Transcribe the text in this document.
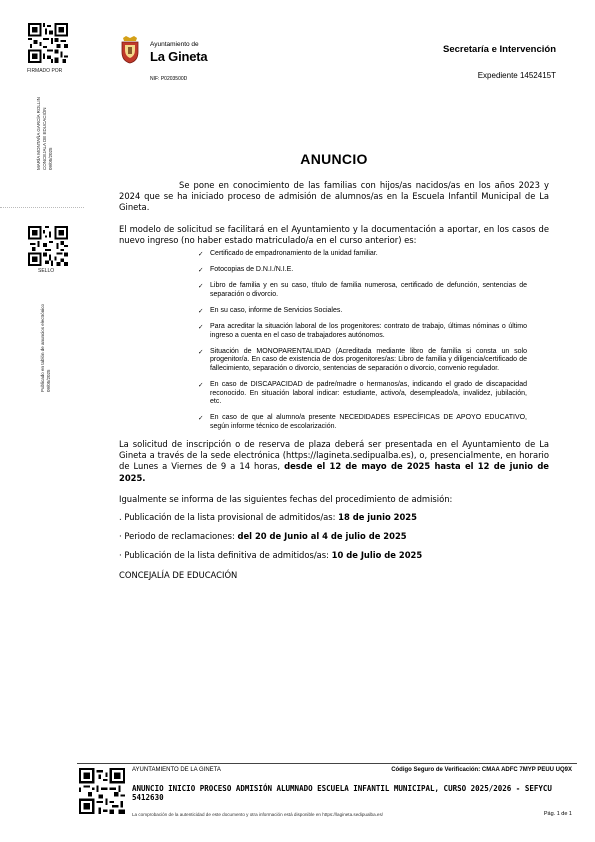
FIRMADO POR
MARÍA MONTAÑA GARCÍA ROLLIN CONCEJALA DE EDUCACIÓN 09/05/2025
SELLO
Publicado en tablón de anuncios electrónico 09/05/2025
Ayuntamiento de
La Gineta
NIF: P0203500D
Secretaría e Intervención
Expediente 1452415T
ANUNCIO

Se pone en conocimiento de las familias con hijos/as nacidos/as en los años 2023 y 2024 que se ha iniciado proceso de admisión de alumnos/as en la Escuela Infantil Municipal de La Gineta.

El modelo de solicitud se facilitará en el Ayuntamiento y la documentación a aportar, en los casos de nuevo ingreso (no haber estado matriculado/a en el curso anterior) es:

✓ Certificado de empadronamiento de la unidad familiar.
✓ Fotocopias de D.N.I./N.I.E.
✓ Libro de familia y en su caso, título de familia numerosa, certificado de defunción, sentencias de separación o divorcio.
✓ En su caso, informe de Servicios Sociales.
✓ Para acreditar la situación laboral de los progenitores: contrato de trabajo, últimas nóminas o último ingreso a cuenta en el caso de trabajadores autónomos.
✓ Situación de MONOPARENTALIDAD (Acreditada mediante libro de familia si consta un solo progenitor/a. En caso de existencia de dos progenitores/as: Libro de familia y diligencia/certificado de fallecimiento, separación o divorcio, sentencias de separación o divorcio, convenio regulador.
✓ En caso de DISCAPACIDAD de padre/madre o hermanos/as, indicando el grado de discapacidad reconocido. En situación laboral indicar: estudiante, activo/a, desempleado/a, invalidez, jubilación, etc.
✓ En caso de que al alumno/a presente NECEDIDADES ESPECÍFICAS DE APOYO EDUCATIVO, según informe técnico de escolarización.

La solicitud de inscripción o de reserva de plaza deberá ser presentada en el Ayuntamiento de La Gineta a través de la sede electrónica (https://lagineta.sedipualba.es), o, presencialmente, en horario de Lunes a Viernes de 9 a 14 horas, desde el 12 de mayo de 2025 hasta el 12 de junio de 2025.

Igualmente se informa de las siguientes fechas del procedimiento de admisión:

. Publicación de la lista provisional de admitidos/as: 18 de junio 2025

· Periodo de reclamaciones: del 20 de Junio al 4 de julio de 2025

· Publicación de la lista definitiva de admitidos/as: 10 de Julio de 2025

CONCEJALÍA DE EDUCACIÓN

AYUNTAMIENTO DE LA GINETA	Código Seguro de Verificación: CMAA ADFC 7MYP PEUU UQ9X
ANUNCIO INICIO PROCESO ADMISIÓN ALUMNADO ESCUELA INFANTIL MUNICIPAL, CURSO 2025/2026 - SEFYCU 5412630
La comprobación de la autenticidad de este documento y otra información está disponible en https://lagineta.sedipualba.es/	Pág. 1 de 1
